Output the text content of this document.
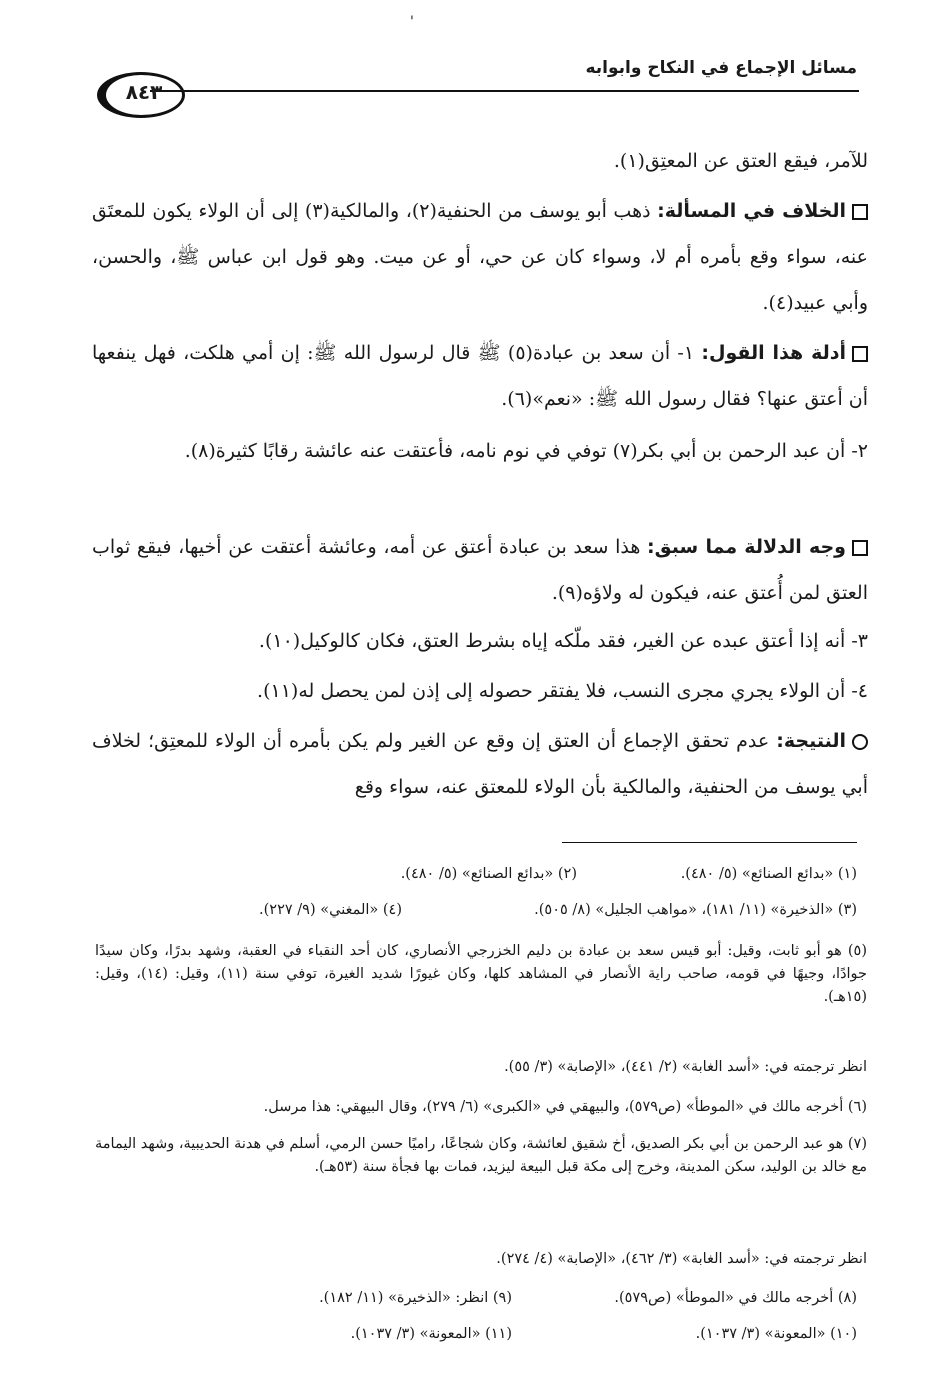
'
مسائل الإجماع في النكاح وابوابه
٨٤٣
للآمر، فيقع العتق عن المعتِق(١).
الخلاف في المسألة: ذهب أبو يوسف من الحنفية(٢)، والمالكية(٣) إلى أن الولاء يكون للمعتَق عنه، سواء وقع بأمره أم لا، وسواء كان عن حي، أو عن ميت. وهو قول ابن عباس ﷺ، والحسن، وأبي عبيد(٤).
أدلة هذا القول: ١- أن سعد بن عبادة(٥) ﷺ قال لرسول الله ﷺ: إن أمي هلكت، فهل ينفعها أن أعتق عنها؟ فقال رسول الله ﷺ: «نعم»(٦).
٢- أن عبد الرحمن بن أبي بكر(٧) توفي في نوم نامه، فأعتقت عنه عائشة رقابًا كثيرة(٨).
وجه الدلالة مما سبق: هذا سعد بن عبادة أعتق عن أمه، وعائشة أعتقت عن أخيها، فيقع ثواب العتق لمن أُعتق عنه، فيكون له ولاؤه(٩).
٣- أنه إذا أعتق عبده عن الغير، فقد ملّكه إياه بشرط العتق، فكان كالوكيل(١٠).
٤- أن الولاء يجري مجرى النسب، فلا يفتقر حصوله إلى إذن لمن يحصل له(١١).
النتيجة: عدم تحقق الإجماع أن العتق إن وقع عن الغير ولم يكن بأمره أن الولاء للمعتِق؛ لخلاف أبي يوسف من الحنفية، والمالكية بأن الولاء للمعتق عنه، سواء وقع
(١) «بدائع الصنائع» (٥/ ٤٨٠).
(٢) «بدائع الصنائع» (٥/ ٤٨٠).
(٣) «الذخيرة» (١١/ ١٨١)، «مواهب الجليل» (٨/ ٥٠٥).
(٤) «المغني» (٩/ ٢٢٧).
(٥) هو أبو ثابت، وقيل: أبو قيس سعد بن عبادة بن دليم الخزرجي الأنصاري، كان أحد النقباء في العقبة، وشهد بدرًا، وكان سيدًا جوادًا، وجيهًا في قومه، صاحب راية الأنصار في المشاهد كلها، وكان غيورًا شديد الغيرة، توفي سنة (١١)، وقيل: (١٤)، وقيل: (١٥هـ).
انظر ترجمته في: «أسد الغابة» (٢/ ٤٤١)، «الإصابة» (٣/ ٥٥).
(٦) أخرجه مالك في «الموطأ» (ص٥٧٩)، والبيهقي في «الكبرى» (٦/ ٢٧٩)، وقال البيهقي: هذا مرسل.
(٧) هو عبد الرحمن بن أبي بكر الصديق، أخ شقيق لعائشة، وكان شجاعًا، راميًا حسن الرمي، أسلم في هدنة الحديبية، وشهد اليمامة مع خالد بن الوليد، سكن المدينة، وخرج إلى مكة قبل البيعة ليزيد، فمات بها فجأة سنة (٥٣هـ).
انظر ترجمته في: «أسد الغابة» (٣/ ٤٦٢)، «الإصابة» (٤/ ٢٧٤).
(٨) أخرجه مالك في «الموطأ» (ص٥٧٩).
(٩) انظر: «الذخيرة» (١١/ ١٨٢).
(١٠) «المعونة» (٣/ ١٠٣٧).
(١١) «المعونة» (٣/ ١٠٣٧).
